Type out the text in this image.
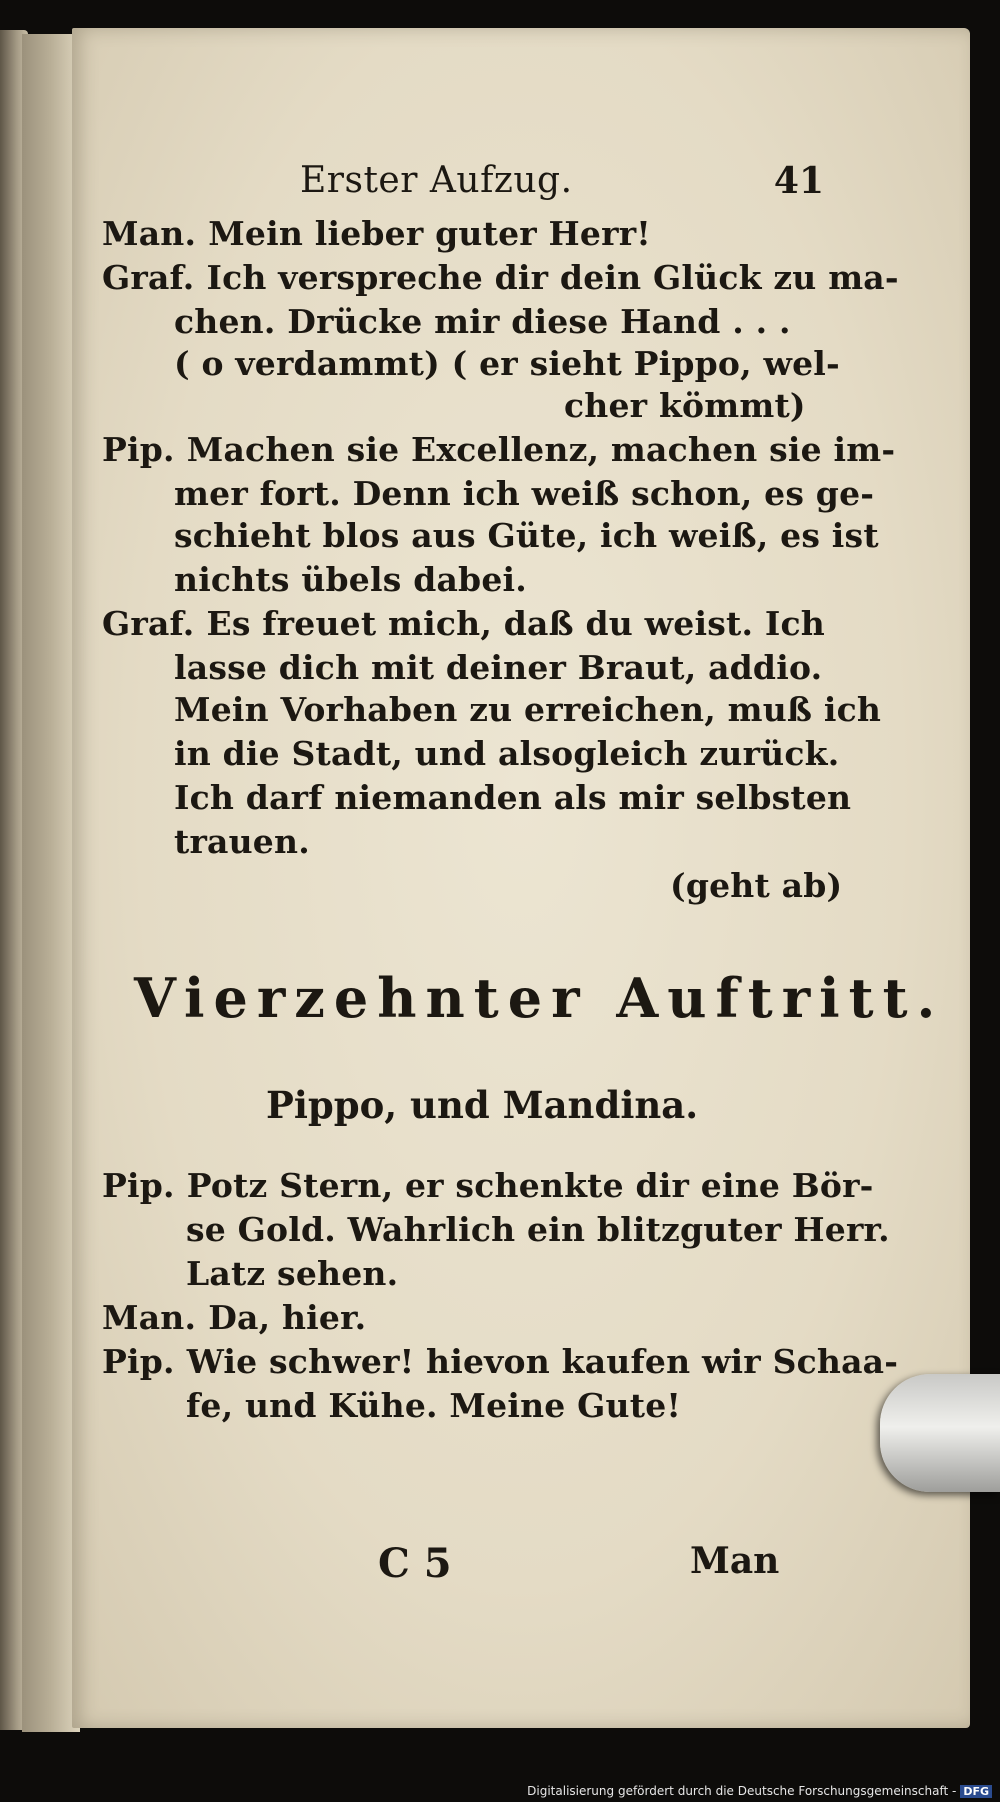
Erster Aufzug.	41
Man. Mein lieber guter Herr!
Graf. Ich verspreche dir dein Glück zu ma-
chen. Drücke mir diese Hand . . .
( o verdammt) ( er sieht Pippo, wel-
cher kömmt)
Pip. Machen sie Excellenz, machen sie im-
mer fort. Denn ich weiß schon, es ge-
schieht blos aus Güte, ich weiß, es ist
nichts übels dabei.
Graf. Es freuet mich, daß du weist. Ich
lasse dich mit deiner Braut, addio.
Mein Vorhaben zu erreichen, muß ich
in die Stadt, und alsogleich zurück.
Ich darf niemanden als mir selbsten
trauen.
(geht ab)
Vierzehnter Auftritt.
Pippo, und Mandina.
Pip. Potz Stern, er schenkte dir eine Bör-
se Gold. Wahrlich ein blitzguter Herr.
Latz sehen.
Man. Da, hier.
Pip. Wie schwer! hievon kaufen wir Schaa-
fe, und Kühe. Meine Gute!
C 5	Man
Digitalisierung gefördert durch die Deutsche Forschungsgemeinschaft - DFG
